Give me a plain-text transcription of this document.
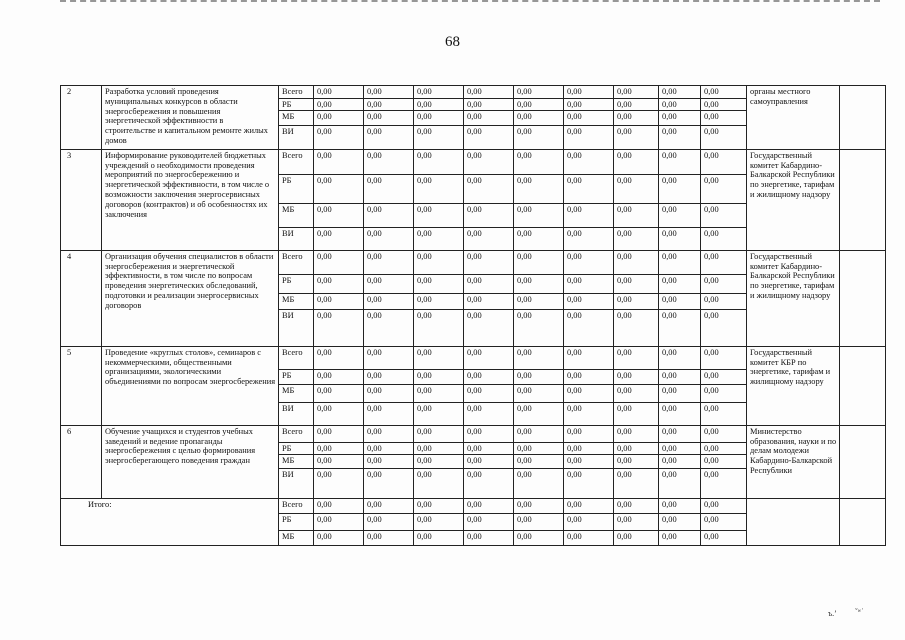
68
2	Разработка условий проведения муниципальных конкурсов в области энергосбережения и повышения энергетической эффективности в строительстве и капитальном ремонте жилых домов	Всего	0,00	0,00	0,00	0,00	0,00	0,00	0,00	0,00	0,00	органы местного самоуправления	
		РБ	0,00	0,00	0,00	0,00	0,00	0,00	0,00	0,00	0,00		
		МБ	0,00	0,00	0,00	0,00	0,00	0,00	0,00	0,00	0,00		
		ВИ	0,00	0,00	0,00	0,00	0,00	0,00	0,00	0,00	0,00		
3	Информирование руководителей бюджетных учреждений о необходимости проведения мероприятий по энергосбережению и энергетической эффективности, в том числе о возможности заключения энергосервисных договоров (контрактов) и об особенностях их заключения	Всего	0,00	0,00	0,00	0,00	0,00	0,00	0,00	0,00	0,00	Государственный комитет Кабардино-Балкарской Республики по энергетике, тарифам и жилищному надзору	
		РБ	0,00	0,00	0,00	0,00	0,00	0,00	0,00	0,00	0,00		
		МБ	0,00	0,00	0,00	0,00	0,00	0,00	0,00	0,00	0,00		
		ВИ	0,00	0,00	0,00	0,00	0,00	0,00	0,00	0,00	0,00		
4	Организация обучения специалистов в области энергосбережения и энергетической эффективности, в том числе по вопросам проведения энергетических обследований, подготовки и реализации энергосервисных договоров	Всего	0,00	0,00	0,00	0,00	0,00	0,00	0,00	0,00	0,00	Государственный комитет Кабардино-Балкарской Республики по энергетике, тарифам и жилищному надзору	
		РБ	0,00	0,00	0,00	0,00	0,00	0,00	0,00	0,00	0,00		
		МБ	0,00	0,00	0,00	0,00	0,00	0,00	0,00	0,00	0,00		
		ВИ	0,00	0,00	0,00	0,00	0,00	0,00	0,00	0,00	0,00		
5	Проведение «круглых столов», семинаров с некоммерческими, общественными организациями, экологическими объединениями по вопросам энергосбережения	Всего	0,00	0,00	0,00	0,00	0,00	0,00	0,00	0,00	0,00	Государственный комитет КБР по энергетике, тарифам и жилищному надзору	
		РБ	0,00	0,00	0,00	0,00	0,00	0,00	0,00	0,00	0,00		
		МБ	0,00	0,00	0,00	0,00	0,00	0,00	0,00	0,00	0,00		
		ВИ	0,00	0,00	0,00	0,00	0,00	0,00	0,00	0,00	0,00		
6	Обучение учащихся и студентов учебных заведений и ведение пропаганды энергосбережения с целью формирования энергосберегающего поведения граждан	Всего	0,00	0,00	0,00	0,00	0,00	0,00	0,00	0,00	0,00	Министерство образования, науки и по делам молодежи Кабардино-Балкарской Республики	
		РБ	0,00	0,00	0,00	0,00	0,00	0,00	0,00	0,00	0,00		
		МБ	0,00	0,00	0,00	0,00	0,00	0,00	0,00	0,00	0,00		
		ВИ	0,00	0,00	0,00	0,00	0,00	0,00	0,00	0,00	0,00		
Итого:		Всего	0,00	0,00	0,00	0,00	0,00	0,00	0,00	0,00	0,00		
		РБ	0,00	0,00	0,00	0,00	0,00	0,00	0,00	0,00	0,00		
		МБ	0,00	0,00	0,00	0,00	0,00	0,00	0,00	0,00	0,00		
ъ.ʼ ˇʷˈ
